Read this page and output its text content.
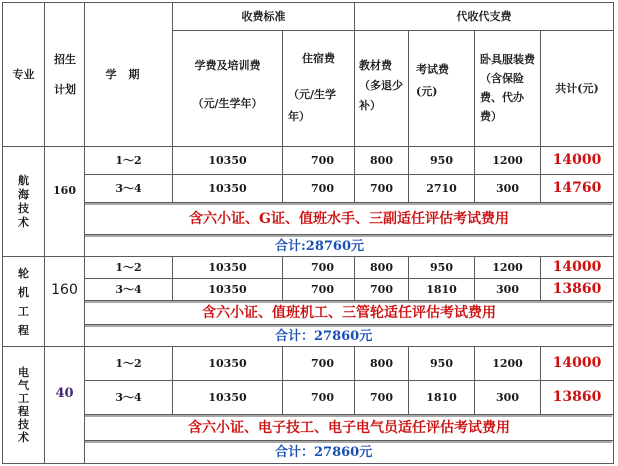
专业
招生计划
学期
收费标准	代收代支费
学费及培训费
（元/生学年）
住宿费
（元/生学年）
教材费（多退少补）
考试费(元)
卧具服装费（含保险费、代办费）
共计(元)
航海技术
160
1～2	10350	700	800	950	1200	14000
3～4	10350	700	700	2710	300	14760
含六小证、G证、值班水手、三副适任评估考试费用
合计:28760元
轮机工程
160
1～2	10350	700	800	950	1200	14000
3～4	10350	700	700	1810	300	13860
含六小证、值班机工、三管轮适任评估考试费用
合计：27860元
电气工程技术
40
1～2	10350	700	800	950	1200	14000
3～4	10350	700	700	1810	300	13860
含六小证、电子技工、电子电气员适任评估考试费用
合计：27860元
